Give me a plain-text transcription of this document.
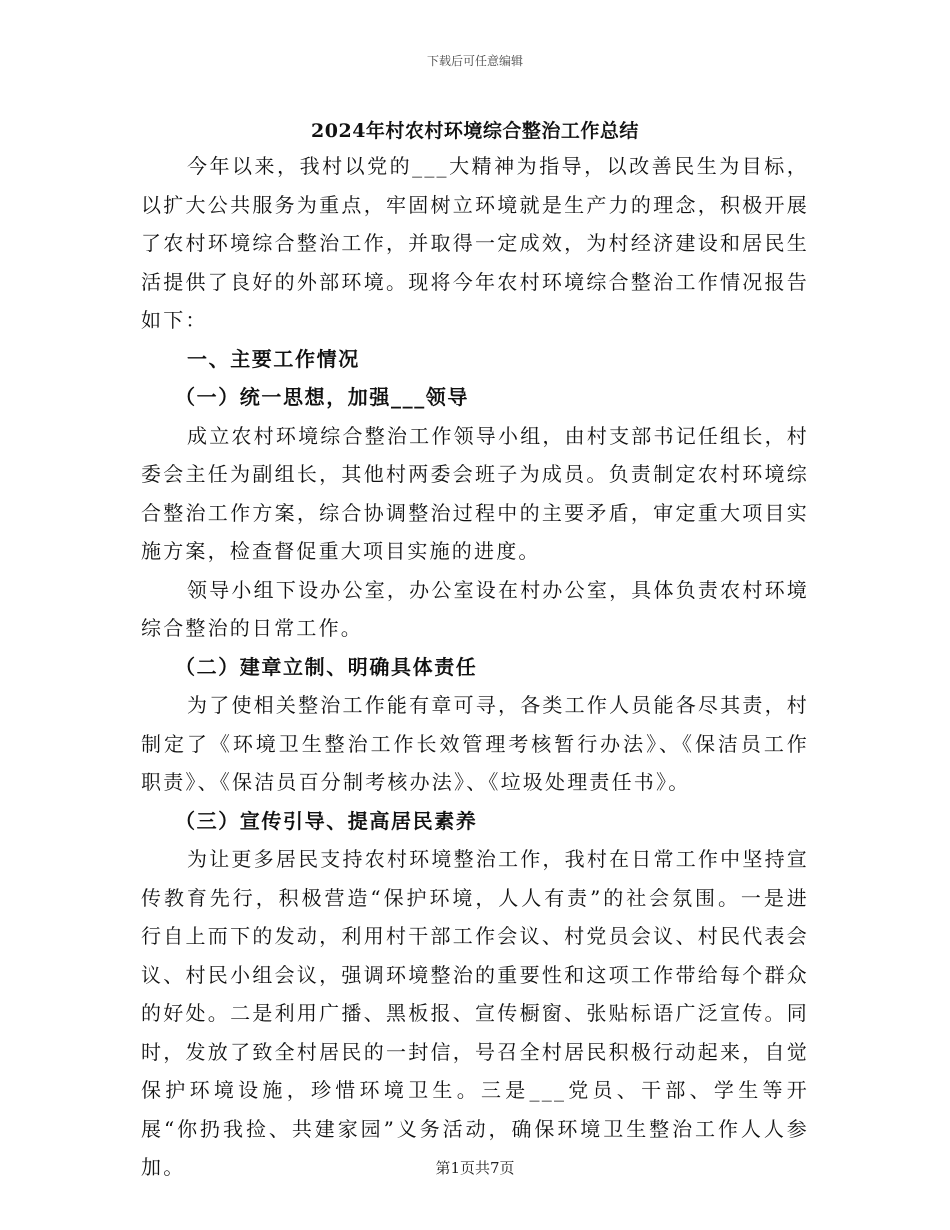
下载后可任意编辑
2024年村农村环境综合整治工作总结

今年以来，我村以党的___大精神为指导，以改善民生为目标，以扩大公共服务为重点，牢固树立环境就是生产力的理念，积极开展了农村环境综合整治工作，并取得一定成效，为村经济建设和居民生活提供了良好的外部环境。现将今年农村环境综合整治工作情况报告如下：

一、主要工作情况
（一）统一思想，加强___领导

成立农村环境综合整治工作领导小组，由村支部书记任组长，村委会主任为副组长，其他村两委会班子为成员。负责制定农村环境综合整治工作方案，综合协调整治过程中的主要矛盾，审定重大项目实施方案，检查督促重大项目实施的进度。

领导小组下设办公室，办公室设在村办公室，具体负责农村环境综合整治的日常工作。

（二）建章立制、明确具体责任

为了使相关整治工作能有章可寻，各类工作人员能各尽其责，村制定了《环境卫生整治工作长效管理考核暂行办法》、《保洁员工作职责》、《保洁员百分制考核办法》、《垃圾处理责任书》。

（三）宣传引导、提高居民素养

为让更多居民支持农村环境整治工作，我村在日常工作中坚持宣传教育先行，积极营造“保护环境，人人有责”的社会氛围。一是进行自上而下的发动，利用村干部工作会议、村党员会议、村民代表会议、村民小组会议，强调环境整治的重要性和这项工作带给每个群众的好处。二是利用广播、黑板报、宣传橱窗、张贴标语广泛宣传。同时，发放了致全村居民的一封信，号召全村居民积极行动起来，自觉保护环境设施，珍惜环境卫生。三是___党员、干部、学生等开展“你扔我捡、共建家园”义务活动，确保环境卫生整治工作人人参加。	第1页共7页
